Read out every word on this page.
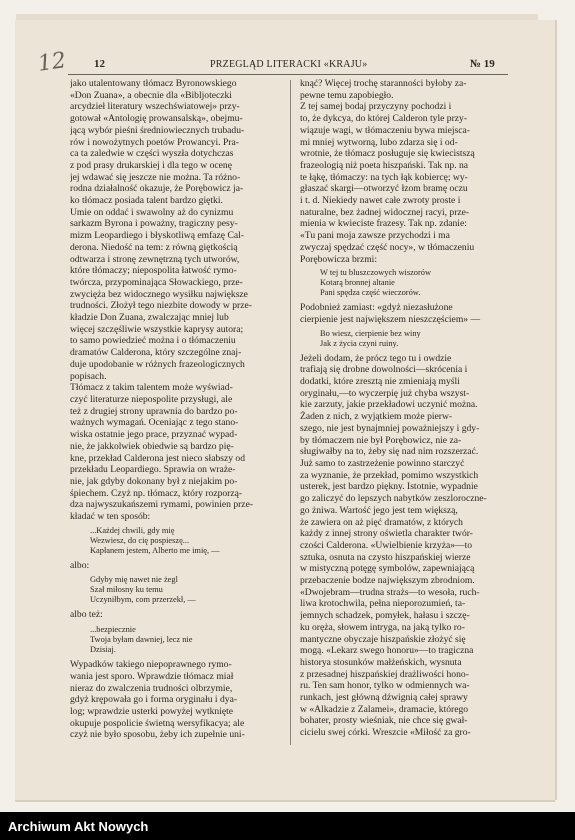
12 12	PRZEGLĄD LITERACKI «KRAJU»	№ 19
jako utalentowany tłómacz Byronowskiego
«Don Zuana», a obecnie dla «Bibljoteczki
arcydzieł literatury wszechświatowej» przy-
gotował «Antologię prowansalską», obejmu-
jącą wybór pieśni średniowiecznych trubadu-
rów i nowożytnych poetów Prowancyi. Pra-
ca ta zaledwie w części wyszła dotychczas
z pod prasy drukarskiej i dla tego w ocenę
jej wdawać się jeszcze nie można. Ta różno-
rodna działalność okazuje, że Porębowicz ja-
ko tłómacz posiada talent bardzo giętki.
Umie on oddać i swawolny aż do cynizmu
sarkazm Byrona i poważny, tragiczny pesy-
mizm Leopardiego i błyskotliwą emfazę Cal-
derona. Niedość na tem: z równą giętkością
odtwarza i stronę zewnętrzną tych utworów,
które tłómaczy; niepospolita łatwość rymo-
twórcza, przypominająca Słowackiego, prze-
zwycięża bez widocznego wysiłku największe
trudności. Złożył tego niezbite dowody w prze-
kładzie Don Zuana, zwalczając mniej lub
więcej szczęśliwie wszystkie kaprysy autora;
to samo powiedzieć można i o tłómaczeniu
dramatów Calderona, który szczególne znaj-
duje upodobanie w różnych frazeologicznych
popisach.
Tłómacz z takim talentem może wyświad-
czyć literaturze niepospolite przysługi, ale
też z drugiej strony uprawnia do bardzo po-
ważnych wymagań. Oceniając z tego stano-
wiska ostatnie jego prace, przyznać wypad-
nie, że jakkolwiek obiedwie są bardzo pię-
kne, przekład Calderona jest nieco słabszy od
przekładu Leopardiego. Sprawia on wraże-
nie, jak gdyby dokonany był z niejakim po-
śpiechem. Czyż np. tłómacz, który rozporzą-
dza najwyszukańszemi rymami, powinien prze-
kładać w ten sposób:
...Każdej chwili, gdy mię
Wezwiesz, do cię pospieszę...
Kapłanem jestem, Alberto me imię, —
albo:
Gdyby mię nawet nie żegl
Szał miłosny ku temu
Uczyniłbym, com przerzekł, —
albo też:
...bezpiecznie
Twoja byłam dawniej, lecz nie
Dzisiaj.
Wypadków takiego niepoprawnego rymo-
wania jest sporo. Wprawdzie tłómacz miał
nieraz do zwalczenia trudności olbrzymie,
gdyż krępowała go i forma oryginału i dya-
log; wprawdzie usterki powyżej wytknięte
okupuje pospolicie świetną wersyfikacya; ale
czyż nie było sposobu, żeby ich zupełnie uni-
knąć? Więcej trochę staranności byłoby za-
pewne temu zapobiegło.
Z tej samej bodaj przyczyny pochodzi i
to, że dykcya, do której Calderon tyle przy-
wiązuje wagi, w tłómaczeniu bywa miejsca-
mi mniej wytworną, lubo zdarza się i od-
wrotnie, że tłómacz posługuje się kwiecistszą
frazeologią niż poeta hiszpański. Tak np. na
te łąkę, tłómaczy: na tych łąk kobiercę; wy-
głaszać skargi—otworzyć łzom bramę oczu
i t. d. Niekiedy nawet całe zwroty proste i
naturalne, bez żadnej widocznej racyi, prze-
mienia w kwieciste frazesy. Tak np. zdanie:
«Tu pani moja zawsze przychodzi i ma
zwyczaj spędzać część nocy», w tłómaczeniu
Porębowicza brzmi:
W tej tu bluszczowych wiszorów
Kotarą bronnej altanie
Pani spędza część wieczorów.
Podobnież zamiast: «gdyż niezasłużone
cierpienie jest największem nieszczęściem» —
Bo wiesz, cierpienie bez winy
Jak z życia czyni ruiny.
Jeżeli dodam, że prócz tego tu i owdzie
trafiają się drobne dowolności—skrócenia i
dodatki, które zresztą nie zmieniają myśli
oryginału,—to wyczerpię już chyba wszyst-
kie zarzuty, jakie przekładowi uczynić można.
Żaden z nich, z wyjątkiem może pierw-
szego, nie jest bynajmniej poważniejszy i gdy-
by tłómaczem nie był Porębowicz, nie za-
sługiwałby na to, żeby się nad nim rozszerzać.
Już samo to zastrzeżenie powinno starczyć
za wyznanie, że przekład, pomimo wszystkich
usterek, jest bardzo piękny. Istotnie, wypadnie
go zaliczyć do lepszych nabytków zeszloroczne-
go żniwa. Wartość jego jest tem większą,
że zawiera on aż pięć dramatów, z których
każdy z innej strony oświetla charakter twór-
czości Calderona. «Uwielbienie krzyża»—to
sztuka, osnuta na czysto hiszpańskiej wierze
w mistyczną potęgę symbolów, zapewniającą
przebaczenie bodze największym zbrodniom.
«Dwojebram—trudna strażs—to wesoła, ruch-
liwa krotochwila, pełna nieporozumień, ta-
jemnych schadzek, pomyłek, hałasu i szczę-
ku oręża, słowem intryga, na jaką tylko ro-
mantyczne obyczaje hiszpańskie złożyć się
mogą. «Lekarz swego honoru»—to tragiczna
historya stosunków małżeńskich, wysnuta
z przesadnej hiszpańskiej drażliwości hono-
ru. Ten sam honor, tylko w odmiennych wa-
runkach, jest główną dźwignią całej sprawy
w «Alkadzie z Zalamei», dramacie, którego
bohater, prosty wieśniak, nie chce się gwał-
cicielu swej córki. Wreszcie «Miłość za gro-
Archiwum Akt Nowych
